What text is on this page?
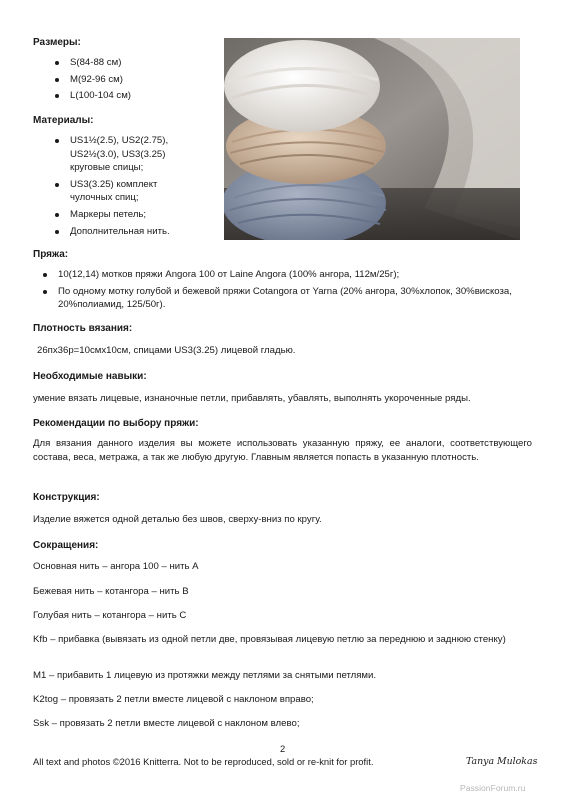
Размеры:
S(84-88 см)
M(92-96 см)
L(100-104 см)
Материалы:
US1½(2.5), US2(2.75), US2½(3.0), US3(3.25) круговые спицы;
US3(3.25) комплект чулочных спиц;
Маркеры петель;
Дополнительная нить.
Пряжа:
10(12,14) мотков пряжи Angora 100 от Laine Angora (100% ангора, 112м/25г);
По одному мотку голубой и бежевой пряжи Cotangora от Yarna (20% ангора, 30%хлопок, 30%вискоза, 20%полиамид, 125/50г).
Плотность вязания:
26пх36р=10смх10см, спицами US3(3.25) лицевой гладью.
Необходимые навыки:
умение вязать лицевые, изнаночные петли, прибавлять, убавлять, выполнять укороченные ряды.
Рекомендации по выбору пряжи:
Для вязания данного изделия вы можете использовать указанную пряжу, ее аналоги, соответствующего состава, веса, метража, а так же любую другую. Главным является попасть в указанную плотность.
Конструкция:
Изделие вяжется одной деталью без швов, сверху-вниз по кругу.
Сокращения:
Основная нить – ангора 100 – нить А
Бежевая нить – котангора – нить В
Голубая нить – котангора – нить С
Kfb – прибавка (вывязать из одной петли две, провязывая лицевую петлю за переднюю и заднюю стенку)
M1 – прибавить 1 лицевую из протяжки между петлями за снятыми петлями.
K2tog – провязать 2 петли вместе лицевой с наклоном вправо;
Ssk – провязать 2 петли вместе лицевой с наклоном влево;
2
All text and photos ©2016 Knitterra. Not to be reproduced, sold or re-knit for profit.	Tanya Mulokas
PassionForum.ru
